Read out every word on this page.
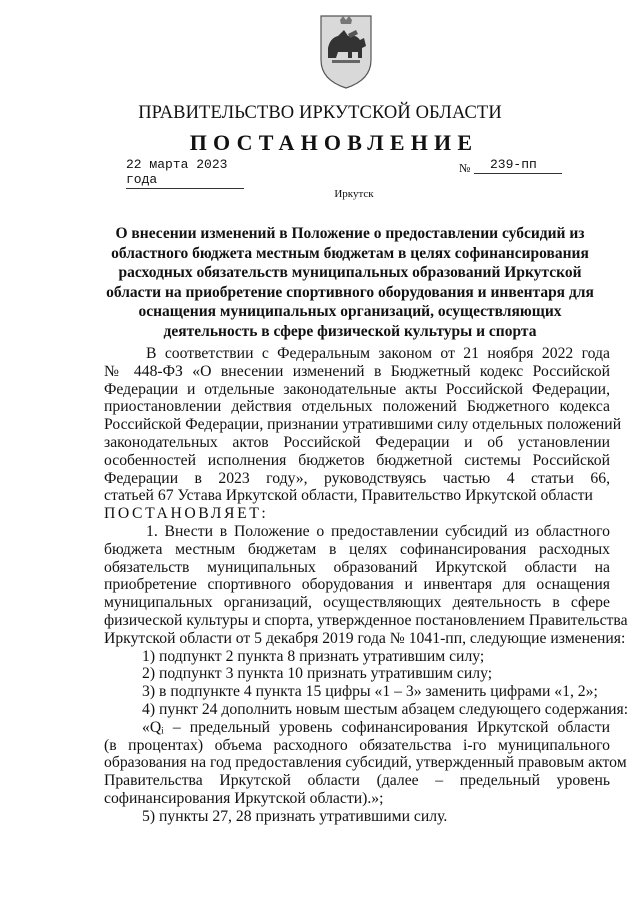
ПРАВИТЕЛЬСТВО ИРКУТСКОЙ ОБЛАСТИ
ПОСТАНОВЛЕНИЕ
22 марта 2023 года
№	239-пп
Иркутск
О внесении изменений в Положение о предоставлении субсидий из
областного бюджета местным бюджетам в целях софинансирования
расходных обязательств муниципальных образований Иркутской
области на приобретение спортивного оборудования и инвентаря для
оснащения муниципальных организаций, осуществляющих
деятельность в сфере физической культуры и спорта
В соответствии с Федеральным законом от 21 ноября 2022 года
№ 448-ФЗ «О внесении изменений в Бюджетный кодекс Российской
Федерации и отдельные законодательные акты Российской Федерации,
приостановлении действия отдельных положений Бюджетного кодекса
Российской Федерации, признании утратившими силу отдельных положений
законодательных актов Российской Федерации и об установлении
особенностей исполнения бюджетов бюджетной системы Российской
Федерации в 2023 году», руководствуясь частью 4 статьи 66,
статьей 67 Устава Иркутской области, Правительство Иркутской области
ПОСТАНОВЛЯЕТ:
1. Внести в Положение о предоставлении субсидий из областного
бюджета местным бюджетам в целях софинансирования расходных
обязательств муниципальных образований Иркутской области на
приобретение спортивного оборудования и инвентаря для оснащения
муниципальных организаций, осуществляющих деятельность в сфере
физической культуры и спорта, утвержденное постановлением Правительства
Иркутской области от 5 декабря 2019 года № 1041-пп, следующие изменения:
1) подпункт 2 пункта 8 признать утратившим силу;
2) подпункт 3 пункта 10 признать утратившим силу;
3) в подпункте 4 пункта 15 цифры «1 – 3» заменить цифрами «1, 2»;
4) пункт 24 дополнить новым шестым абзацем следующего содержания:
«Qᵢ – предельный уровень софинансирования Иркутской области
(в процентах) объема расходного обязательства i-го муниципального
образования на год предоставления субсидий, утвержденный правовым актом
Правительства Иркутской области (далее – предельный уровень
софинансирования Иркутской области).»;
5) пункты 27, 28 признать утратившими силу.
